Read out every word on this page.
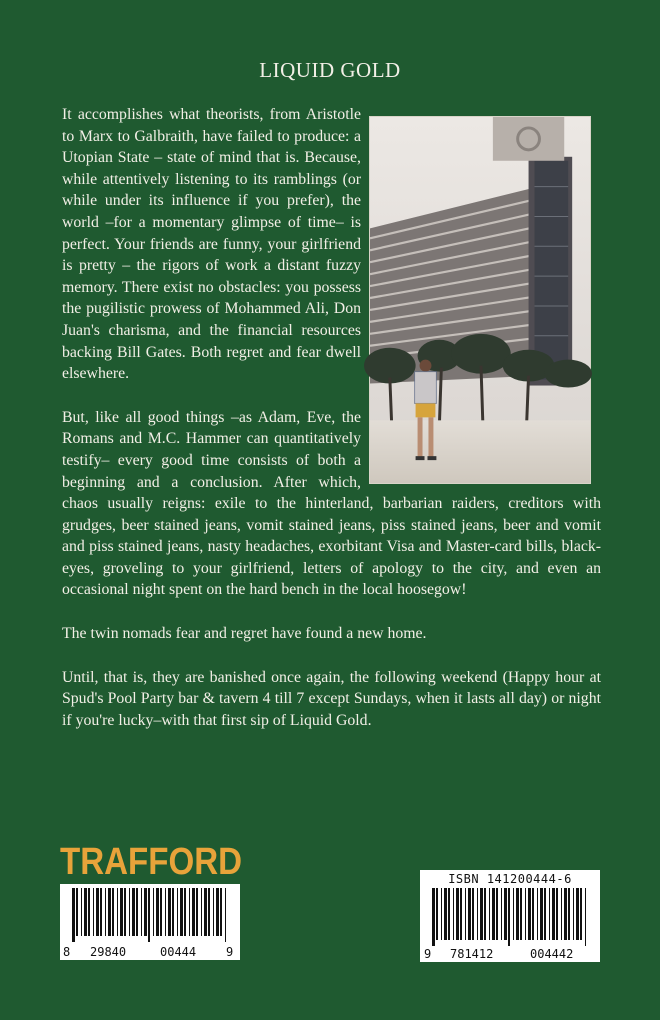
LIQUID GOLD

It accomplishes what theorists, from Aristotle to Marx to Galbraith, have failed to produce: a Utopian State – state of mind that is. Because, while attentively listening to its ramblings (or while under its influence if you prefer), the world –for a momentary glimpse of time– is perfect. Your friends are funny, your girlfriend is pretty – the rigors of work a distant fuzzy memory. There exist no obstacles: you possess the pugilistic prowess of Mohammed Ali, Don Juan's charisma, and the financial resources backing Bill Gates. Both regret and fear dwell elsewhere.

But, like all good things –as Adam, Eve, the Romans and M.C. Hammer can quantitatively testify– every good time consists of both a beginning and a conclusion. After which, chaos usually reigns: exile to the hinterland, barbarian raiders, creditors with grudges, beer stained jeans, vomit stained jeans, piss stained jeans, beer and vomit and piss stained jeans, nasty headaches, exorbitant Visa and Master-card bills, black-eyes, groveling to your girlfriend, letters of apology to the city, and even an occasional night spent on the hard bench in the local hoosegow!

The twin nomads fear and regret have found a new home.

Until, that is, they are banished once again, the following weekend (Happy hour at Spud's Pool Party bar & tavern 4 till 7 except Sundays, when it lasts all day) or night if you're lucky–with that first sip of Liquid Gold.

TRAFFORD
8 29840	00444 9
ISBN 141200444-6
9 781412	004442
